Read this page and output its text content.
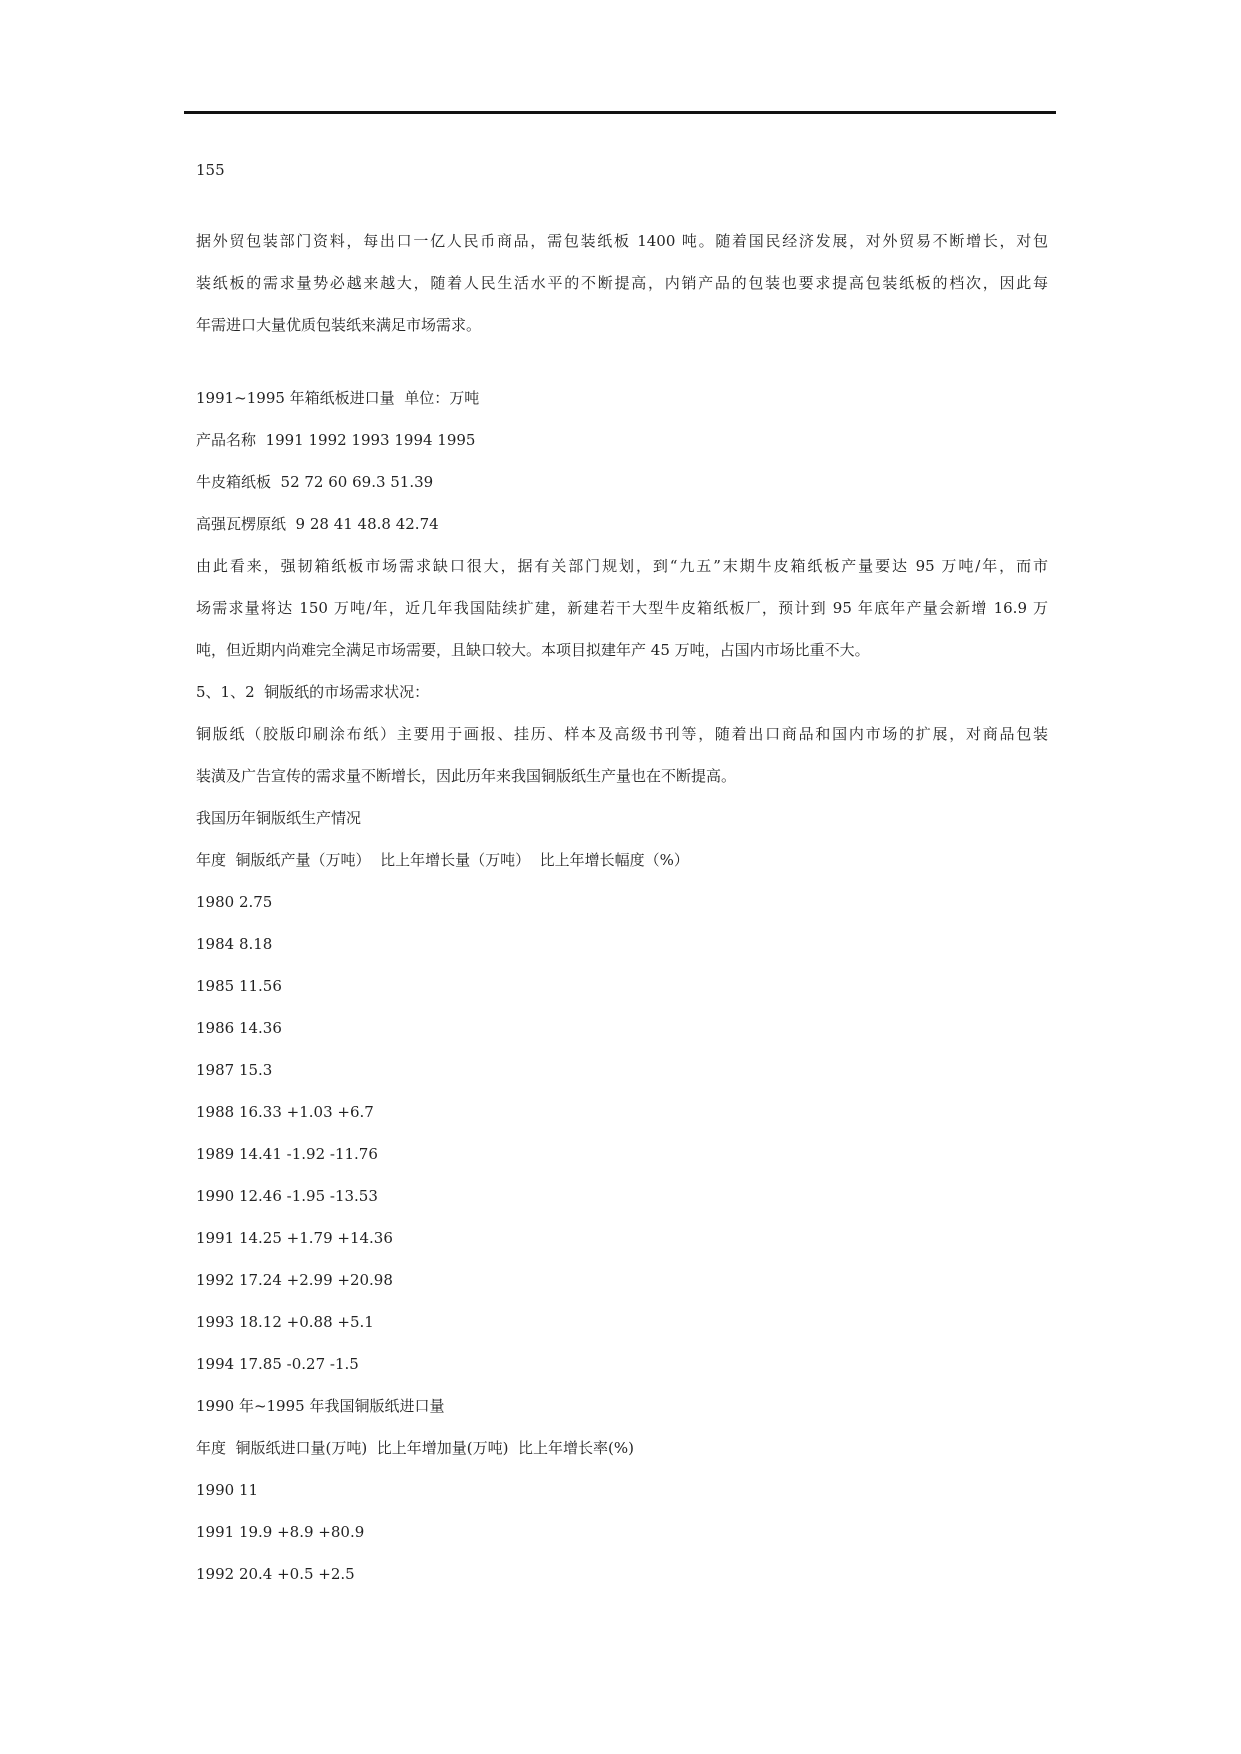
155
据外贸包装部门资料，每出口一亿人民币商品，需包装纸板 1400 吨。随着国民经济发展，对外贸易不断增长，对包
装纸板的需求量势必越来越大，随着人民生活水平的不断提高，内销产品的包装也要求提高包装纸板的档次，因此每
年需进口大量优质包装纸来满足市场需求。
1991~1995 年箱纸板进口量  单位：万吨
产品名称  1991 1992 1993 1994 1995
牛皮箱纸板  52 72 60 69.3 51.39
高强瓦楞原纸  9 28 41 48.8 42.74
由此看来，强韧箱纸板市场需求缺口很大，据有关部门规划，到“九五”末期牛皮箱纸板产量要达 95 万吨/年，而市
场需求量将达 150 万吨/年，近几年我国陆续扩建，新建若干大型牛皮箱纸板厂，预计到 95 年底年产量会新增 16.9 万
吨，但近期内尚难完全满足市场需要，且缺口较大。本项目拟建年产 45 万吨，占国内市场比重不大。
5、1、2  铜版纸的市场需求状况：
铜版纸（胶版印刷涂布纸）主要用于画报、挂历、样本及高级书刊等，随着出口商品和国内市场的扩展，对商品包装
装潢及广告宣传的需求量不断增长，因此历年来我国铜版纸生产量也在不断提高。
我国历年铜版纸生产情况
年度  铜版纸产量（万吨）  比上年增长量（万吨）  比上年增长幅度（%）
1980 2.75
1984 8.18
1985 11.56
1986 14.36
1987 15.3
1988 16.33 +1.03 +6.7
1989 14.41 -1.92 -11.76
1990 12.46 -1.95 -13.53
1991 14.25 +1.79 +14.36
1992 17.24 +2.99 +20.98
1993 18.12 +0.88 +5.1
1994 17.85 -0.27 -1.5
1990 年~1995 年我国铜版纸进口量
年度  铜版纸进口量(万吨)  比上年增加量(万吨)  比上年增长率(%)
1990 11
1991 19.9 +8.9 +80.9
1992 20.4 +0.5 +2.5
